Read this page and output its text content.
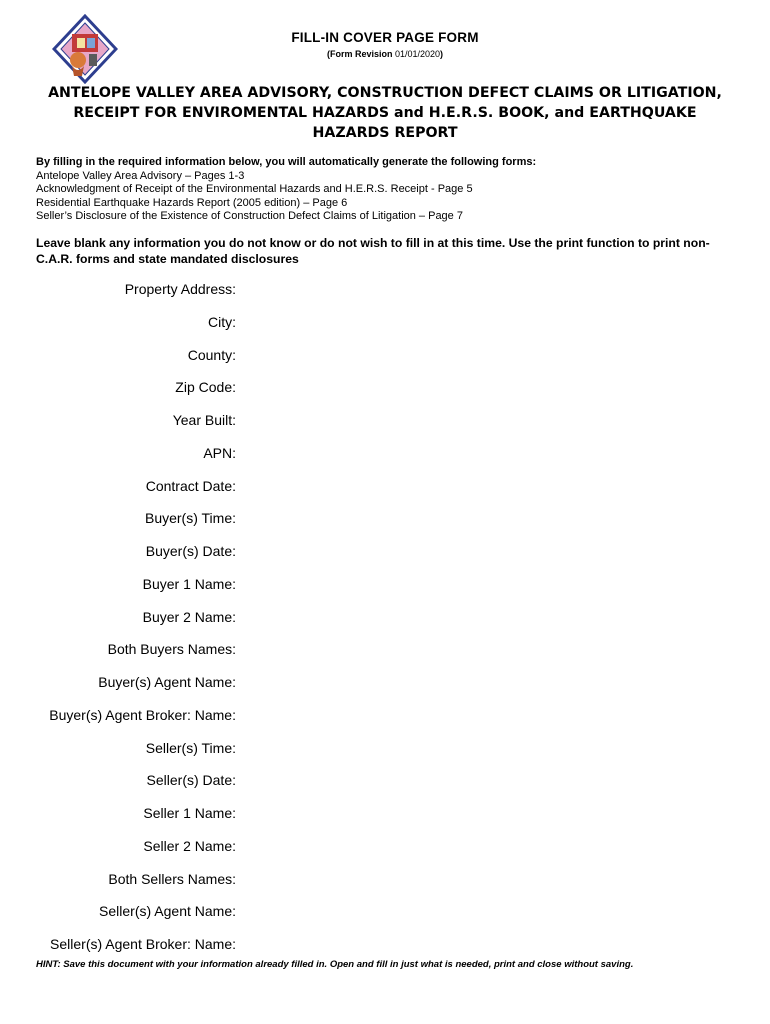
FILL-IN COVER PAGE FORM
(Form Revision 01/01/2020)
ANTELOPE VALLEY AREA ADVISORY, CONSTRUCTION DEFECT CLAIMS OR LITIGATION,
RECEIPT FOR ENVIROMENTAL HAZARDS and H.E.R.S. BOOK, and EARTHQUAKE
HAZARDS REPORT
By filling in the required information below, you will automatically generate the following forms:
Antelope Valley Area Advisory – Pages 1-3
Acknowledgment of Receipt of the Environmental Hazards and H.E.R.S. Receipt - Page 5
Residential Earthquake Hazards Report (2005 edition) – Page 6
Seller’s Disclosure of the Existence of Construction Defect Claims of Litigation – Page 7
Leave blank any information you do not know or do not wish to fill in at this time. Use the print function to print non-C.A.R. forms and state mandated disclosures
Property Address:
City:
County:
Zip Code:
Year Built:
APN:
Contract Date:
Buyer(s) Time:
Buyer(s) Date:
Buyer 1 Name:
Buyer 2 Name:
Both Buyers Names:
Buyer(s) Agent Name:
Buyer(s) Agent Broker: Name:
Seller(s) Time:
Seller(s) Date:
Seller 1 Name:
Seller 2 Name:
Both Sellers Names:
Seller(s) Agent Name:
Seller(s) Agent Broker: Name:
HINT: Save this document with your information already filled in. Open and fill in just what is needed, print and close without saving.
